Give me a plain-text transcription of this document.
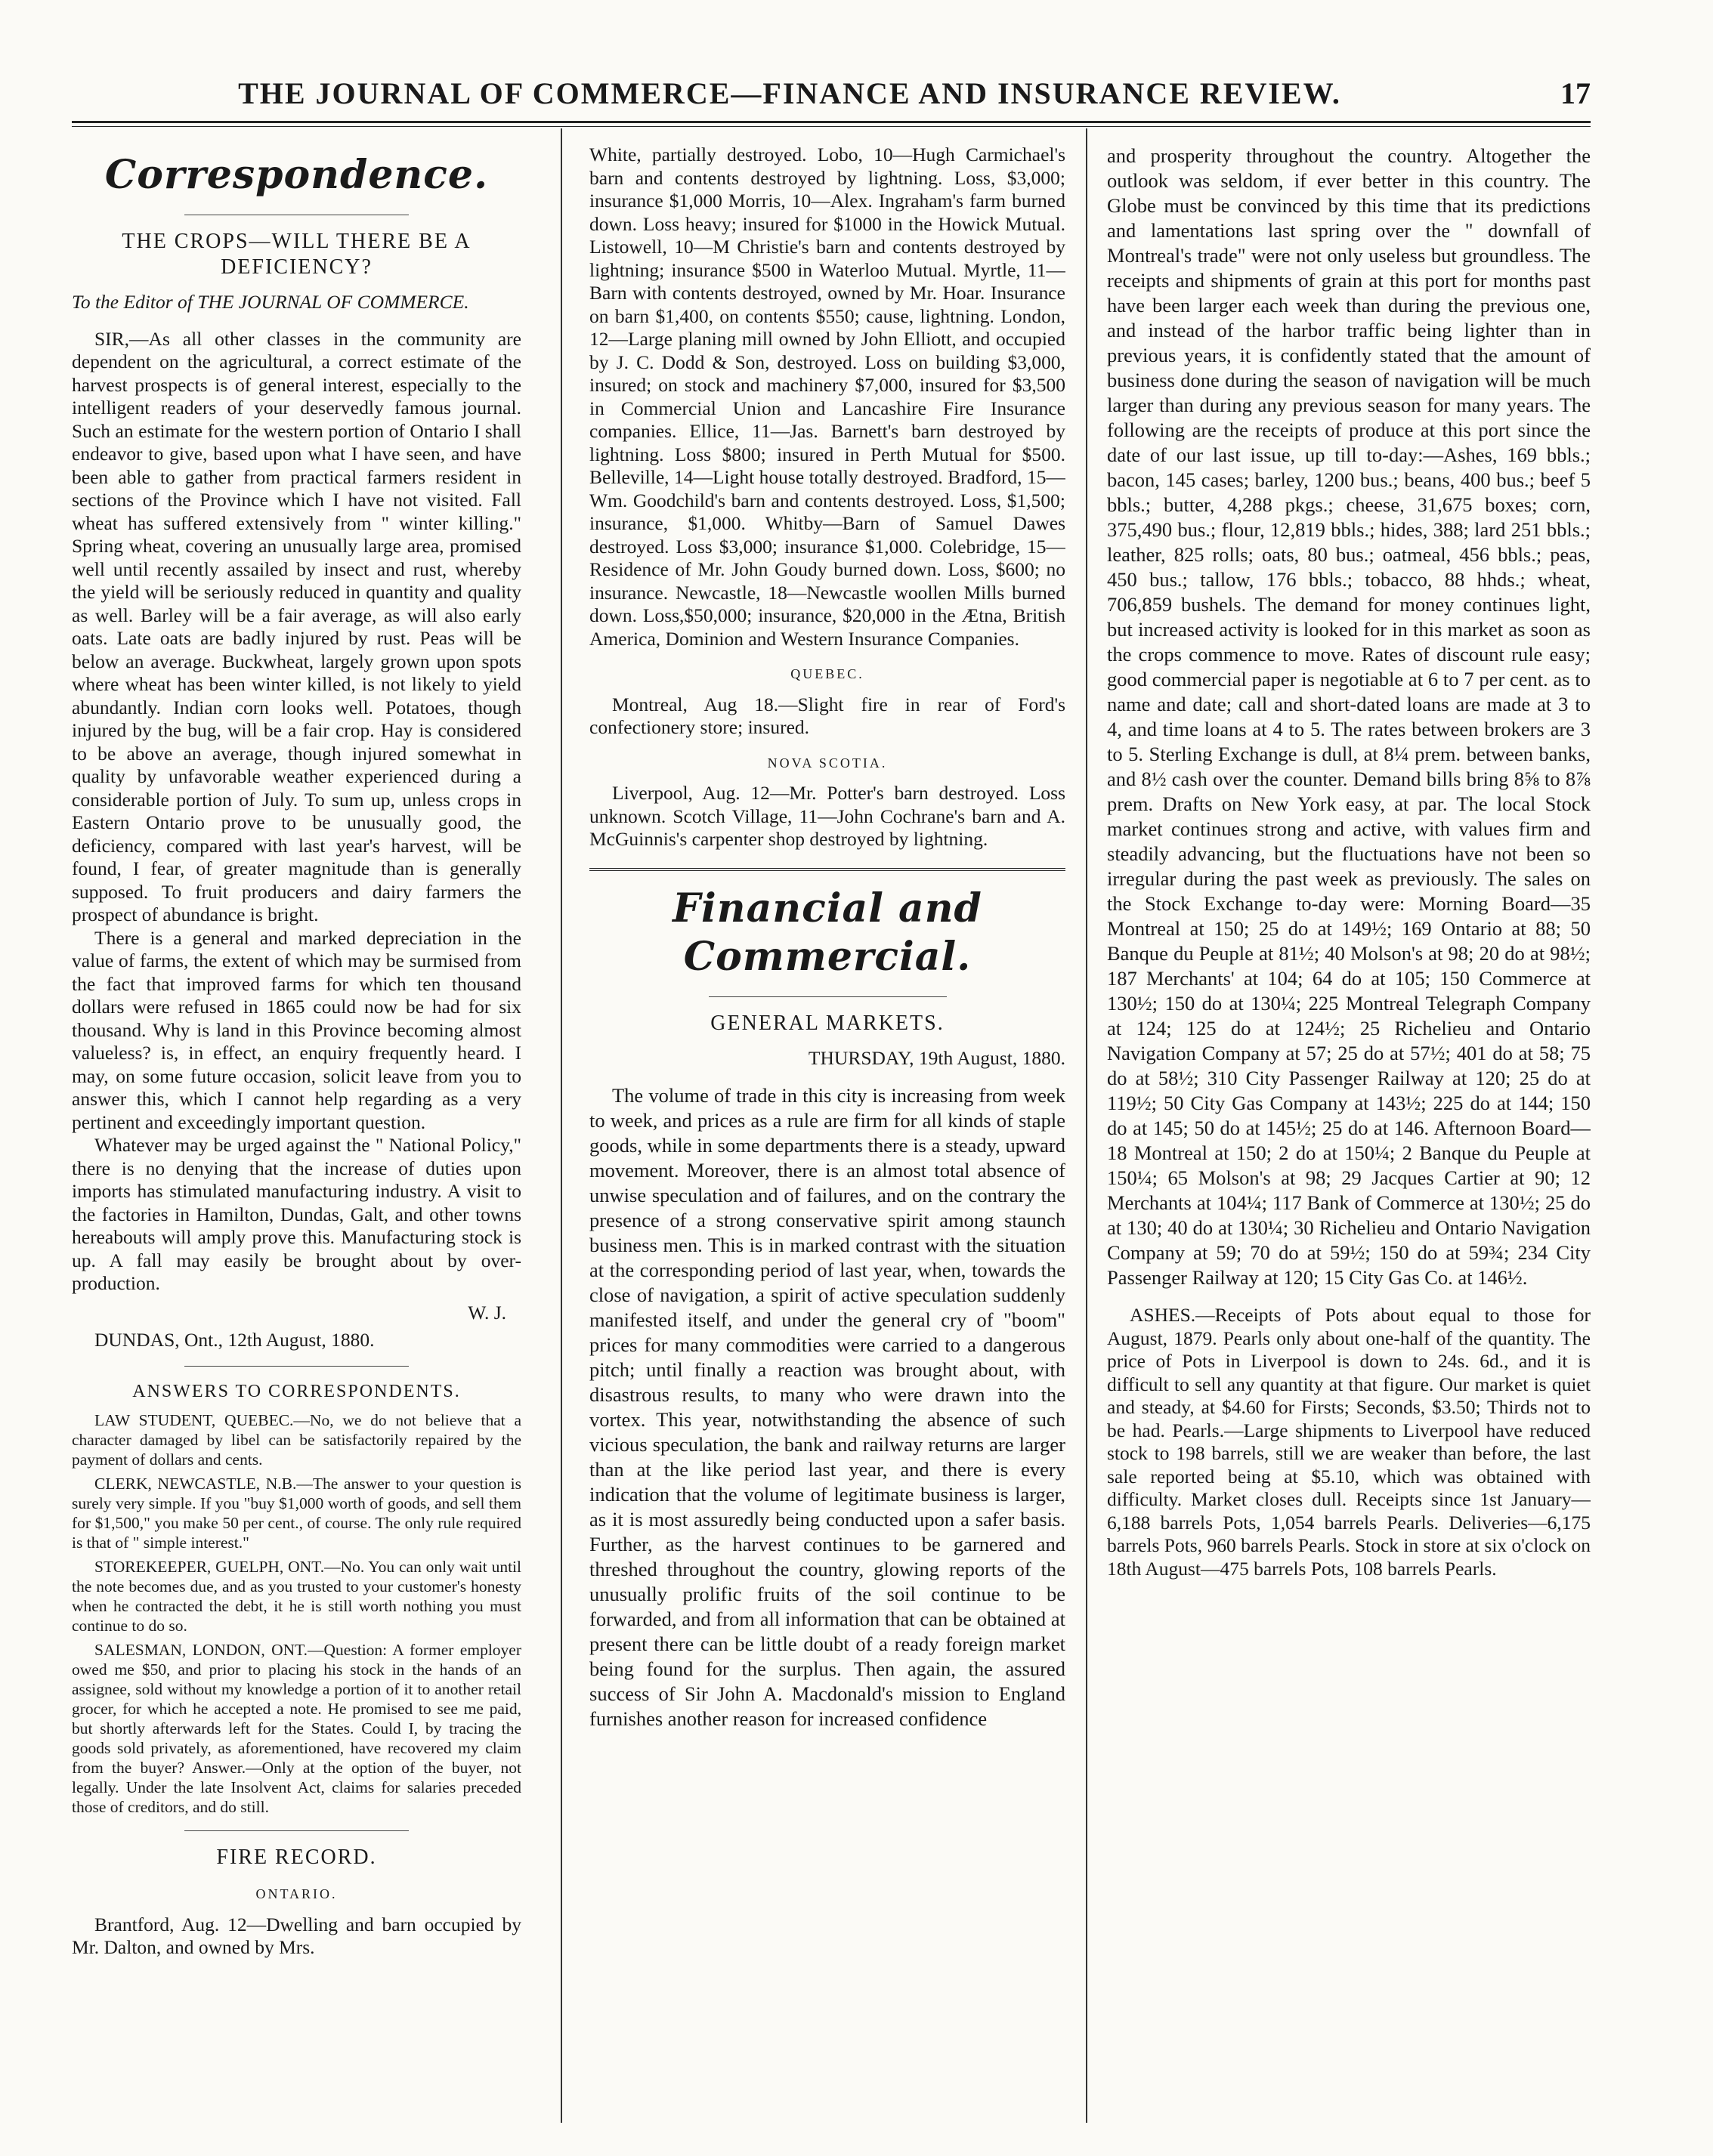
THE JOURNAL OF COMMERCE—FINANCE AND INSURANCE REVIEW.	17
Correspondence.
THE CROPS—WILL THERE BE A DEFICIENCY?
To the Editor of THE JOURNAL OF COMMERCE.

SIR,—As all other classes in the community are dependent on the agricultural, a correct estimate of the harvest prospects is of general interest, especially to the intelligent readers of your deservedly famous journal. Such an estimate for the western portion of Ontario I shall endeavor to give, based upon what I have seen, and have been able to gather from practical farmers resident in sections of the Province which I have not visited. Fall wheat has suffered extensively from " winter killing." Spring wheat, covering an unusually large area, promised well until recently assailed by insect and rust, whereby the yield will be seriously reduced in quantity and quality as well. Barley will be a fair average, as will also early oats. Late oats are badly injured by rust. Peas will be below an average. Buckwheat, largely grown upon spots where wheat has been winter killed, is not likely to yield abundantly. Indian corn looks well. Potatoes, though injured by the bug, will be a fair crop. Hay is considered to be above an average, though injured somewhat in quality by unfavorable weather experienced during a considerable portion of July. To sum up, unless crops in Eastern Ontario prove to be unusually good, the deficiency, compared with last year's harvest, will be found, I fear, of greater magnitude than is generally supposed. To fruit producers and dairy farmers the prospect of abundance is bright.

There is a general and marked depreciation in the value of farms, the extent of which may be surmised from the fact that improved farms for which ten thousand dollars were refused in 1865 could now be had for six thousand. Why is land in this Province becoming almost valueless? is, in effect, an enquiry frequently heard. I may, on some future occasion, solicit leave from you to answer this, which I cannot help regarding as a very pertinent and exceedingly important question.

Whatever may be urged against the " National Policy," there is no denying that the increase of duties upon imports has stimulated manufacturing industry. A visit to the factories in Hamilton, Dundas, Galt, and other towns hereabouts will amply prove this. Manufacturing stock is up. A fall may easily be brought about by over-production.

W. J.
DUNDAS, Ont., 12th August, 1880.
ANSWERS TO CORRESPONDENTS.

LAW STUDENT, QUEBEC.—No, we do not believe that a character damaged by libel can be satisfactorily repaired by the payment of dollars and cents.

CLERK, NEWCASTLE, N.B.—The answer to your question is surely very simple. If you "buy $1,000 worth of goods, and sell them for $1,500," you make 50 per cent., of course. The only rule required is that of " simple interest."

STOREKEEPER, GUELPH, ONT.—No. You can only wait until the note becomes due, and as you trusted to your customer's honesty when he contracted the debt, it he is still worth nothing you must continue to do so.

SALESMAN, LONDON, ONT.—Question: A former employer owed me $50, and prior to placing his stock in the hands of an assignee, sold without my knowledge a portion of it to another retail grocer, for which he accepted a note. He promised to see me paid, but shortly afterwards left for the States. Could I, by tracing the goods sold privately, as aforementioned, have recovered my claim from the buyer? Answer.—Only at the option of the buyer, not legally. Under the late Insolvent Act, claims for salaries preceded those of creditors, and do still.

FIRE RECORD.
ONTARIO.

Brantford, Aug. 12—Dwelling and barn occupied by Mr. Dalton, and owned by Mrs.

White, partially destroyed. Lobo, 10—Hugh Carmichael's barn and contents destroyed by lightning. Loss, $3,000; insurance $1,000 Morris, 10—Alex. Ingraham's farm burned down. Loss heavy; insured for $1000 in the Howick Mutual. Listowell, 10—M Christie's barn and contents destroyed by lightning; insurance $500 in Waterloo Mutual. Myrtle, 11—Barn with contents destroyed, owned by Mr. Hoar. Insurance on barn $1,400, on contents $550; cause, lightning. London, 12—Large planing mill owned by John Elliott, and occupied by J. C. Dodd & Son, destroyed. Loss on building $3,000, insured; on stock and machinery $7,000, insured for $3,500 in Commercial Union and Lancashire Fire Insurance companies. Ellice, 11—Jas. Barnett's barn destroyed by lightning. Loss $800; insured in Perth Mutual for $500. Belleville, 14—Light house totally destroyed. Bradford, 15—Wm. Goodchild's barn and contents destroyed. Loss, $1,500; insurance, $1,000. Whitby—Barn of Samuel Dawes destroyed. Loss $3,000; insurance $1,000. Colebridge, 15—Residence of Mr. John Goudy burned down. Loss, $600; no insurance. Newcastle, 18—Newcastle woollen Mills burned down. Loss,$50,000; insurance, $20,000 in the Ætna, British America, Dominion and Western Insurance Companies.

QUEBEC.

Montreal, Aug 18.—Slight fire in rear of Ford's confectionery store; insured.

NOVA SCOTIA.

Liverpool, Aug. 12—Mr. Potter's barn destroyed. Loss unknown. Scotch Village, 11—John Cochrane's barn and A. McGuinnis's carpenter shop destroyed by lightning.

Financial and Commercial.
GENERAL MARKETS.
THURSDAY, 19th August, 1880.

The volume of trade in this city is increasing from week to week, and prices as a rule are firm for all kinds of staple goods, while in some departments there is a steady, upward movement. Moreover, there is an almost total absence of unwise speculation and of failures, and on the contrary the presence of a strong conservative spirit among staunch business men. This is in marked contrast with the situation at the corresponding period of last year, when, towards the close of navigation, a spirit of active speculation suddenly manifested itself, and under the general cry of "boom" prices for many commodities were carried to a dangerous pitch; until finally a reaction was brought about, with disastrous results, to many who were drawn into the vortex. This year, notwithstanding the absence of such vicious speculation, the bank and railway returns are larger than at the like period last year, and there is every indication that the volume of legitimate business is larger, as it is most assuredly being conducted upon a safer basis. Further, as the harvest continues to be garnered and threshed throughout the country, glowing reports of the unusually prolific fruits of the soil continue to be forwarded, and from all information that can be obtained at present there can be little doubt of a ready foreign market being found for the surplus. Then again, the assured success of Sir John A. Macdonald's mission to England furnishes another reason for increased confidence

and prosperity throughout the country. Altogether the outlook was seldom, if ever better in this country. The Globe must be convinced by this time that its predictions and lamentations last spring over the " downfall of Montreal's trade" were not only useless but groundless. The receipts and shipments of grain at this port for months past have been larger each week than during the previous one, and instead of the harbor traffic being lighter than in previous years, it is confidently stated that the amount of business done during the season of navigation will be much larger than during any previous season for many years. The following are the receipts of produce at this port since the date of our last issue, up till to-day:—Ashes, 169 bbls.; bacon, 145 cases; barley, 1200 bus.; beans, 400 bus.; beef 5 bbls.; butter, 4,288 pkgs.; cheese, 31,675 boxes; corn, 375,490 bus.; flour, 12,819 bbls.; hides, 388; lard 251 bbls.; leather, 825 rolls; oats, 80 bus.; oatmeal, 456 bbls.; peas, 450 bus.; tallow, 176 bbls.; tobacco, 88 hhds.; wheat, 706,859 bushels. The demand for money continues light, but increased activity is looked for in this market as soon as the crops commence to move. Rates of discount rule easy; good commercial paper is negotiable at 6 to 7 per cent. as to name and date; call and short-dated loans are made at 3 to 4, and time loans at 4 to 5. The rates between brokers are 3 to 5. Sterling Exchange is dull, at 8¼ prem. between banks, and 8½ cash over the counter. Demand bills bring 8⅝ to 8⅞ prem. Drafts on New York easy, at par. The local Stock market continues strong and active, with values firm and steadily advancing, but the fluctuations have not been so irregular during the past week as previously. The sales on the Stock Exchange to-day were: Morning Board—35 Montreal at 150; 25 do at 149½; 169 Ontario at 88; 50 Banque du Peuple at 81½; 40 Molson's at 98; 20 do at 98½; 187 Merchants' at 104; 64 do at 105; 150 Commerce at 130½; 150 do at 130¼; 225 Montreal Telegraph Company at 124; 125 do at 124½; 25 Richelieu and Ontario Navigation Company at 57; 25 do at 57½; 401 do at 58; 75 do at 58½; 310 City Passenger Railway at 120; 25 do at 119½; 50 City Gas Company at 143½; 225 do at 144; 150 do at 145; 50 do at 145½; 25 do at 146. Afternoon Board—18 Montreal at 150; 2 do at 150¼; 2 Banque du Peuple at 150¼; 65 Molson's at 98; 29 Jacques Cartier at 90; 12 Merchants at 104¼; 117 Bank of Commerce at 130½; 25 do at 130; 40 do at 130¼; 30 Richelieu and Ontario Navigation Company at 59; 70 do at 59½; 150 do at 59¾; 234 City Passenger Railway at 120; 15 City Gas Co. at 146½.

ASHES.—Receipts of Pots about equal to those for August, 1879. Pearls only about one-half of the quantity. The price of Pots in Liverpool is down to 24s. 6d., and it is difficult to sell any quantity at that figure. Our market is quiet and steady, at $4.60 for Firsts; Seconds, $3.50; Thirds not to be had. Pearls.—Large shipments to Liverpool have reduced stock to 198 barrels, still we are weaker than before, the last sale reported being at $5.10, which was obtained with difficulty. Market closes dull. Receipts since 1st January—6,188 barrels Pots, 1,054 barrels Pearls. Deliveries—6,175 barrels Pots, 960 barrels Pearls. Stock in store at six o'clock on 18th August—475 barrels Pots, 108 barrels Pearls.
